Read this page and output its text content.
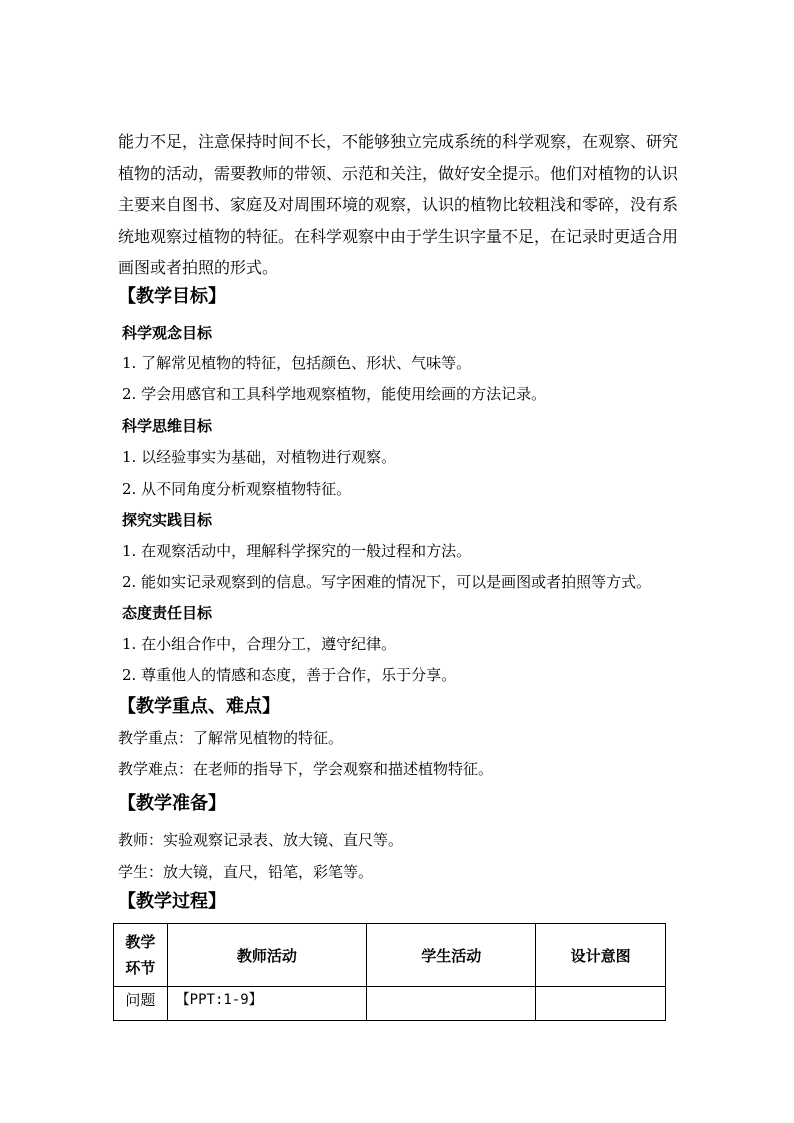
能力不足，注意保持时间不长，不能够独立完成系统的科学观察，在观察、研究
植物的活动，需要教师的带领、示范和关注，做好安全提示。他们对植物的认识
主要来自图书、家庭及对周围环境的观察，认识的植物比较粗浅和零碎，没有系
统地观察过植物的特征。在科学观察中由于学生识字量不足，在记录时更适合用
画图或者拍照的形式。

【教学目标】
科学观念目标

1. 了解常见植物的特征，包括颜色、形状、气味等。

2. 学会用感官和工具科学地观察植物，能使用绘画的方法记录。

科学思维目标

1. 以经验事实为基础，对植物进行观察。

2. 从不同角度分析观察植物特征。

探究实践目标

1. 在观察活动中，理解科学探究的一般过程和方法。

2. 能如实记录观察到的信息。写字困难的情况下，可以是画图或者拍照等方式。

态度责任目标

1. 在小组合作中，合理分工，遵守纪律。

2. 尊重他人的情感和态度，善于合作，乐于分享。

【教学重点、难点】

教学重点：了解常见植物的特征。

教学难点：在老师的指导下，学会观察和描述植物特征。

【教学准备】

教师：实验观察记录表、放大镜、直尺等。

学生：放大镜，直尺，铅笔，彩笔等。

【教学过程】
教学
环节	教师活动	学生活动	设计意图
问题	【PPT:1-9】		
